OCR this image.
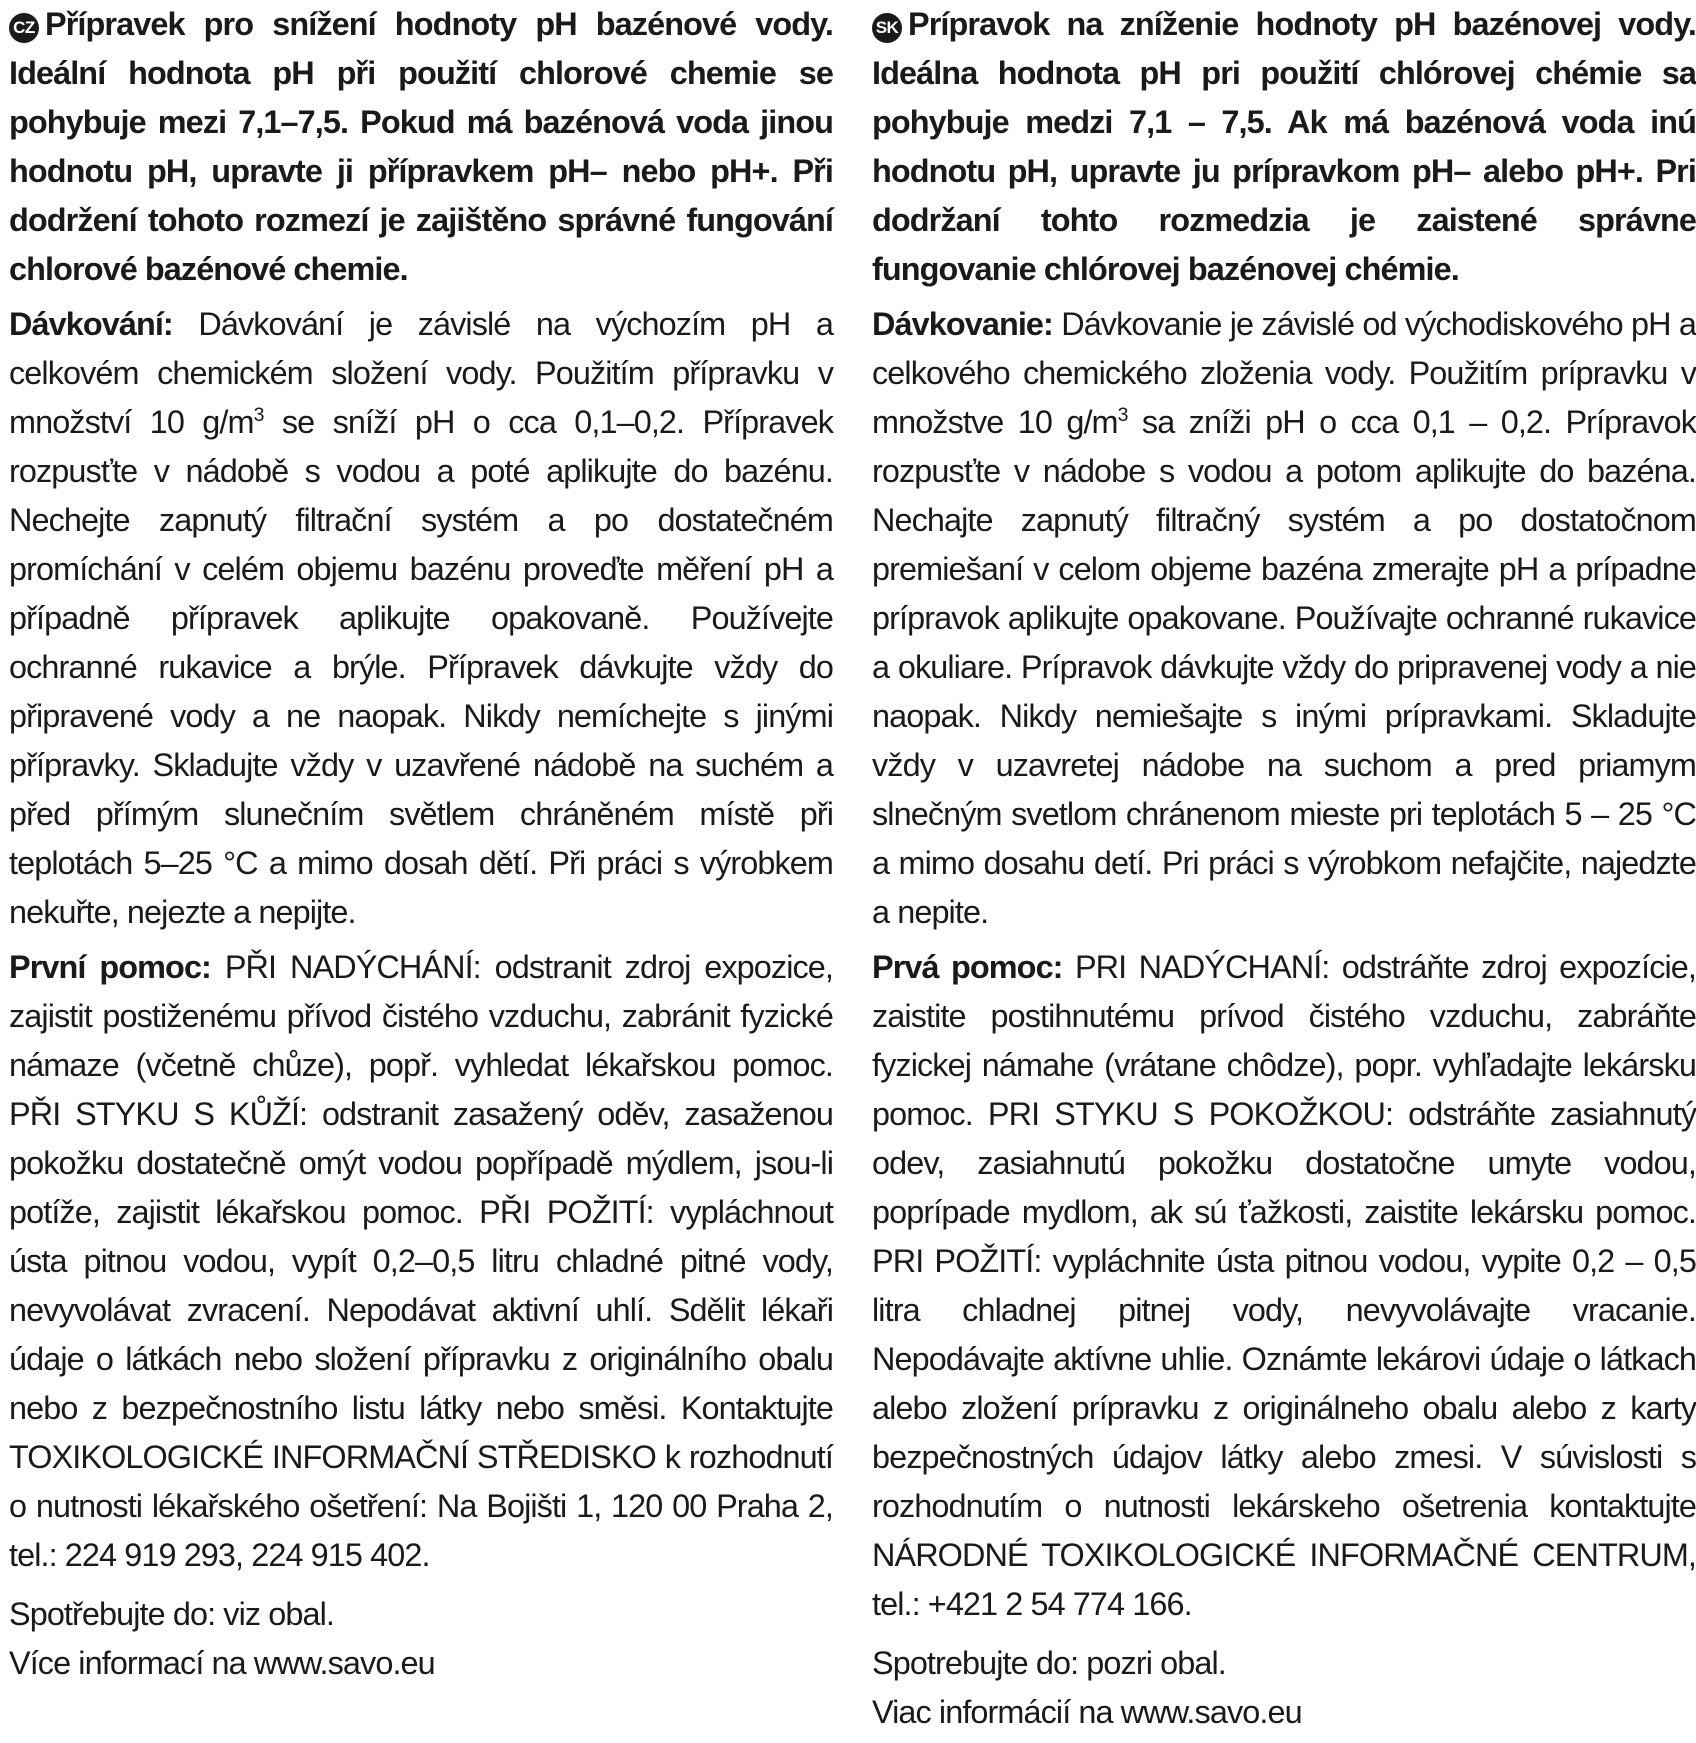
CZ Přípravek pro snížení hodnoty pH bazénové vody. Ideální hodnota pH při použití chlorové chemie se pohybuje mezi 7,1–7,5. Pokud má bazénová voda jinou hodnotu pH, upravte ji přípravkem pH– nebo pH+. Při dodržení tohoto rozmezí je zajištěno správné fungování chlorové bazénové chemie.

Dávkování: Dávkování je závislé na výchozím pH a celkovém chemickém složení vody. Použitím přípravku v množství 10 $g/m^3$ se sníží pH o cca 0,1–0,2. Přípravek rozpusťte v nádobě s vodou a poté aplikujte do bazénu. Nechejte zapnutý filtrační systém a po dostatečném promíchání v celém objemu bazénu proveďte měření pH a případně přípravek aplikujte opakovaně. Používejte ochranné rukavice a brýle. Přípravek dávkujte vždy do připravené vody a ne naopak. Nikdy nemíchejte s jinými přípravky. Skladujte vždy v uzavřené nádobě na suchém a před přímým slunečním světlem chráněném místě při teplotách 5–25 °C a mimo dosah dětí. Při práci s výrobkem nekuřte, nejezte a nepijte.

První pomoc: PŘI NADÝCHÁNÍ: odstranit zdroj expozice, zajistit postiženému přívod čistého vzduchu, zabránit fyzické námaze (včetně chůze), popř. vyhledat lékařskou pomoc. PŘI STYKU S KŮŽÍ: odstranit zasažený oděv, zasaženou pokožku dostatečně omýt vodou popřípadě mýdlem, jsou-li potíže, zajistit lékařskou pomoc. PŘI POŽITÍ: vypláchnout ústa pitnou vodou, vypít 0,2–0,5 litru chladné pitné vody, nevyvolávat zvracení. Nepodávat aktivní uhlí. Sdělit lékaři údaje o látkách nebo složení přípravku z originálního obalu nebo z bezpečnostního listu látky nebo směsi. Kontaktujte TOXIKOLOGICKÉ INFORMAČNÍ STŘEDISKO k rozhodnutí o nutnosti lékařského ošetření: Na Bojišti 1, 120 00 Praha 2, tel.: 224 919 293, 224 915 402.

Spotřebujte do: viz obal.

Více informací na www.savo.eu

SK Prípravok na zníženie hodnoty pH bazénovej vody. Ideálna hodnota pH pri použití chlórovej chémie sa pohybuje medzi 7,1 – 7,5. Ak má bazénová voda inú hodnotu pH, upravte ju prípravkom pH– alebo pH+. Pri dodržaní tohto rozmedzia je zaistené správne fungovanie chlórovej bazénovej chémie.

Dávkovanie: Dávkovanie je závislé od východiskového pH a celkového chemického zloženia vody. Použitím prípravku v množstve 10 $g/m^3$ sa zníži pH o cca 0,1 – 0,2. Prípravok rozpusťte v nádobe s vodou a potom aplikujte do bazéna. Nechajte zapnutý filtračný systém a po dostatočnom premiešaní v celom objeme bazéna zmerajte pH a prípadne prípravok aplikujte opakovane. Používajte ochranné rukavice a okuliare. Prípravok dávkujte vždy do pripravenej vody a nie naopak. Nikdy nemiešajte s inými prípravkami. Skladujte vždy v uzavretej nádobe na suchom a pred priamym slnečným svetlom chránenom mieste pri teplotách 5 – 25 °C a mimo dosahu detí. Pri práci s výrobkom nefajčite, najedzte a nepite.

Prvá pomoc: PRI NADÝCHANÍ: odstráňte zdroj expozície, zaistite postihnutému prívod čistého vzduchu, zabráňte fyzickej námahe (vrátane chôdze), popr. vyhľadajte lekársku pomoc. PRI STYKU S POKOŽKOU: odstráňte zasiahnutý odev, zasiahnutú pokožku dostatočne umyte vodou, poprípade mydlom, ak sú ťažkosti, zaistite lekársku pomoc. PRI POŽITÍ: vypláchnite ústa pitnou vodou, vypite 0,2 – 0,5 litra chladnej pitnej vody, nevyvolávajte vracanie. Nepodávajte aktívne uhlie. Oznámte lekárovi údaje o látkach alebo zložení prípravku z originálneho obalu alebo z karty bezpečnostných údajov látky alebo zmesi. V súvislosti s rozhodnutím o nutnosti lekárskeho ošetrenia kontaktujte NÁRODNÉ TOXIKOLOGICKÉ INFORMAČNÉ CENTRUM, tel.: +421 2 54 774 166.

Spotrebujte do: pozri obal.

Viac informácií na www.savo.eu
